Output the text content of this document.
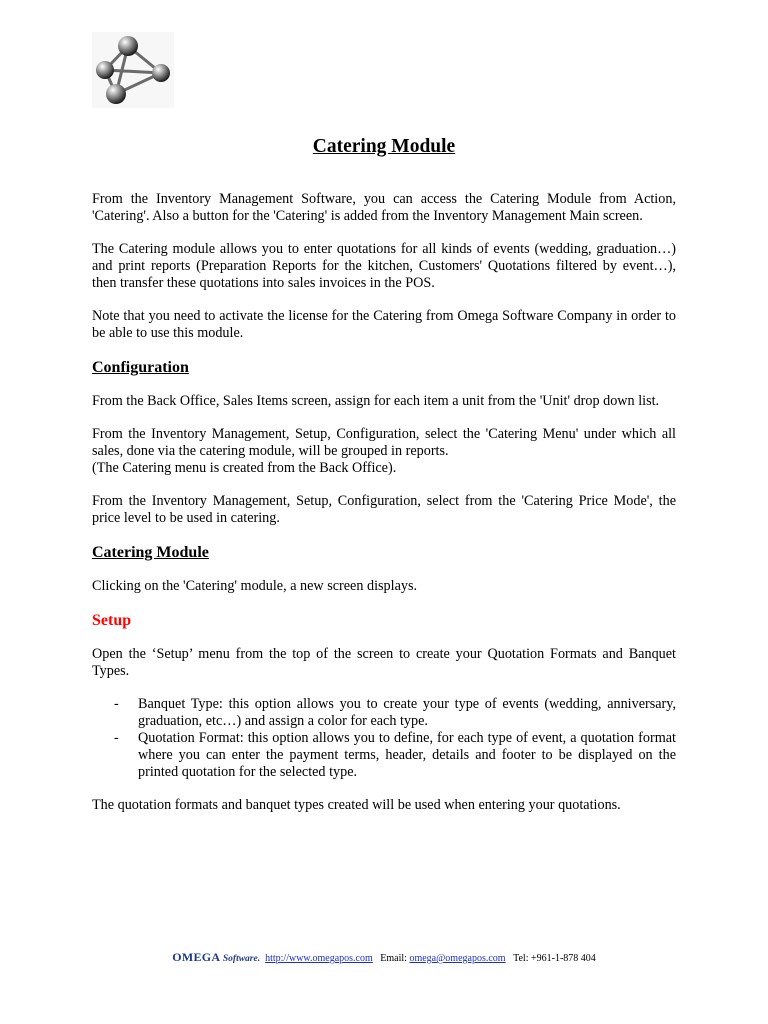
Catering Module

From the Inventory Management Software, you can access the Catering Module from Action, 'Catering'. Also a button for the 'Catering' is added from the Inventory Management Main screen.

The Catering module allows you to enter quotations for all kinds of events (wedding, graduation…) and print reports (Preparation Reports for the kitchen, Customers' Quotations filtered by event…), then transfer these quotations into sales invoices in the POS.

Note that you need to activate the license for the Catering from Omega Software Company in order to be able to use this module.

Configuration

From the Back Office, Sales Items screen, assign for each item a unit from the 'Unit' drop down list.

From the Inventory Management, Setup, Configuration, select the 'Catering Menu' under which all sales, done via the catering module, will be grouped in reports.

(The Catering menu is created from the Back Office).

From the Inventory Management, Setup, Configuration, select from the 'Catering Price Mode', the price level to be used in catering.

Catering Module

Clicking on the 'Catering' module, a new screen displays.

Setup

Open the ‘Setup’ menu from the top of the screen to create your Quotation Formats and Banquet Types.

-	Banquet Type: this option allows you to create your type of events (wedding, anniversary, graduation, etc…) and assign a color for each type.
-	Quotation Format: this option allows you to define, for each type of event, a quotation format where you can enter the payment terms, header, details and footer to be displayed on the printed quotation for the selected type.

The quotation formats and banquet types created will be used when entering your quotations.

OMEGA Software. http://www.omegapos.com Email: omega@omegapos.com Tel: +961-1-878 404
